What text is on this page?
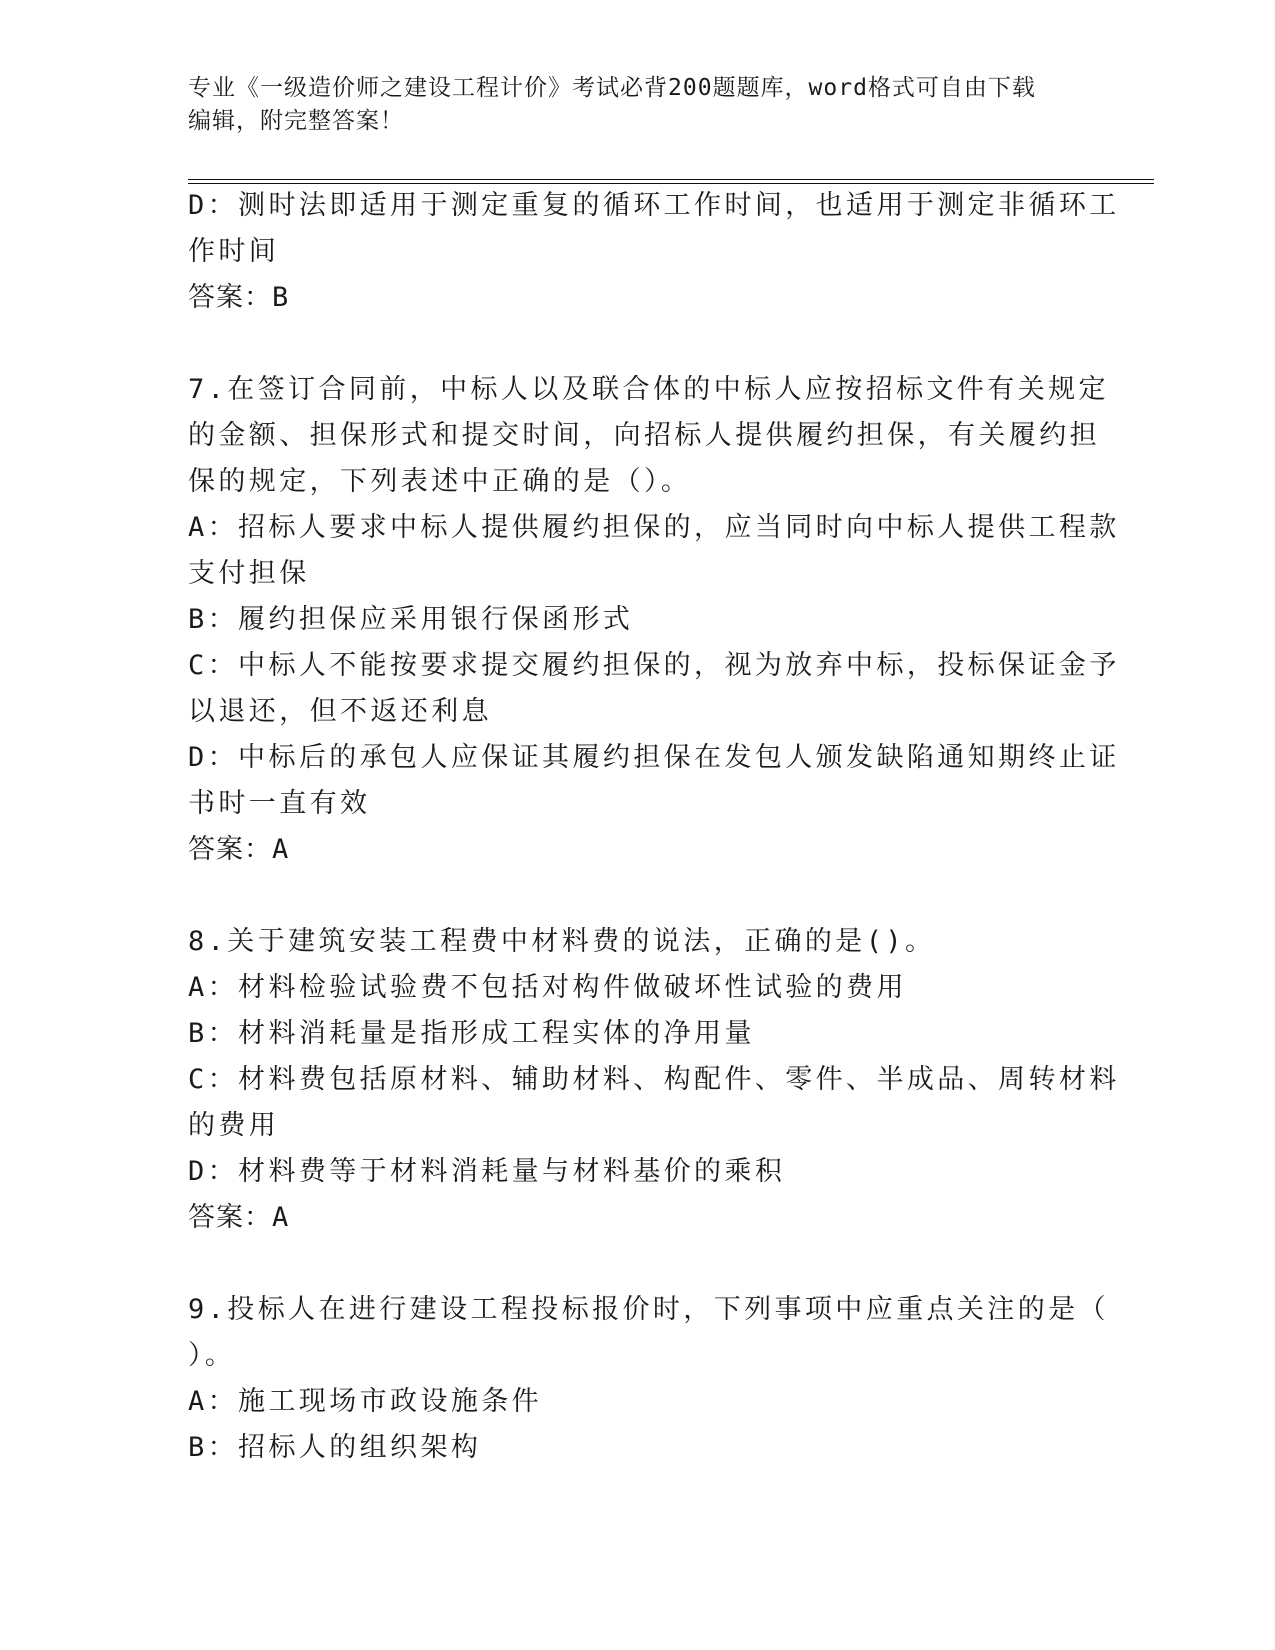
专业《一级造价师之建设工程计价》考试必背200题题库，word格式可自由下载
编辑，附完整答案！
D：测时法即适用于测定重复的循环工作时间，也适用于测定非循环工
作时间
答案：B
7.在签订合同前，中标人以及联合体的中标人应按招标文件有关规定
的金额、担保形式和提交时间，向招标人提供履约担保，有关履约担
保的规定，下列表述中正确的是（）。
A：招标人要求中标人提供履约担保的，应当同时向中标人提供工程款
支付担保
B：履约担保应采用银行保函形式
C：中标人不能按要求提交履约担保的，视为放弃中标，投标保证金予
以退还，但不返还利息
D：中标后的承包人应保证其履约担保在发包人颁发缺陷通知期终止证
书时一直有效
答案：A
8.关于建筑安装工程费中材料费的说法，正确的是()。
A：材料检验试验费不包括对构件做破坏性试验的费用
B：材料消耗量是指形成工程实体的净用量
C：材料费包括原材料、辅助材料、构配件、零件、半成品、周转材料
的费用
D：材料费等于材料消耗量与材料基价的乘积
答案：A
9.投标人在进行建设工程投标报价时，下列事项中应重点关注的是（
）。
A：施工现场市政设施条件
B：招标人的组织架构
